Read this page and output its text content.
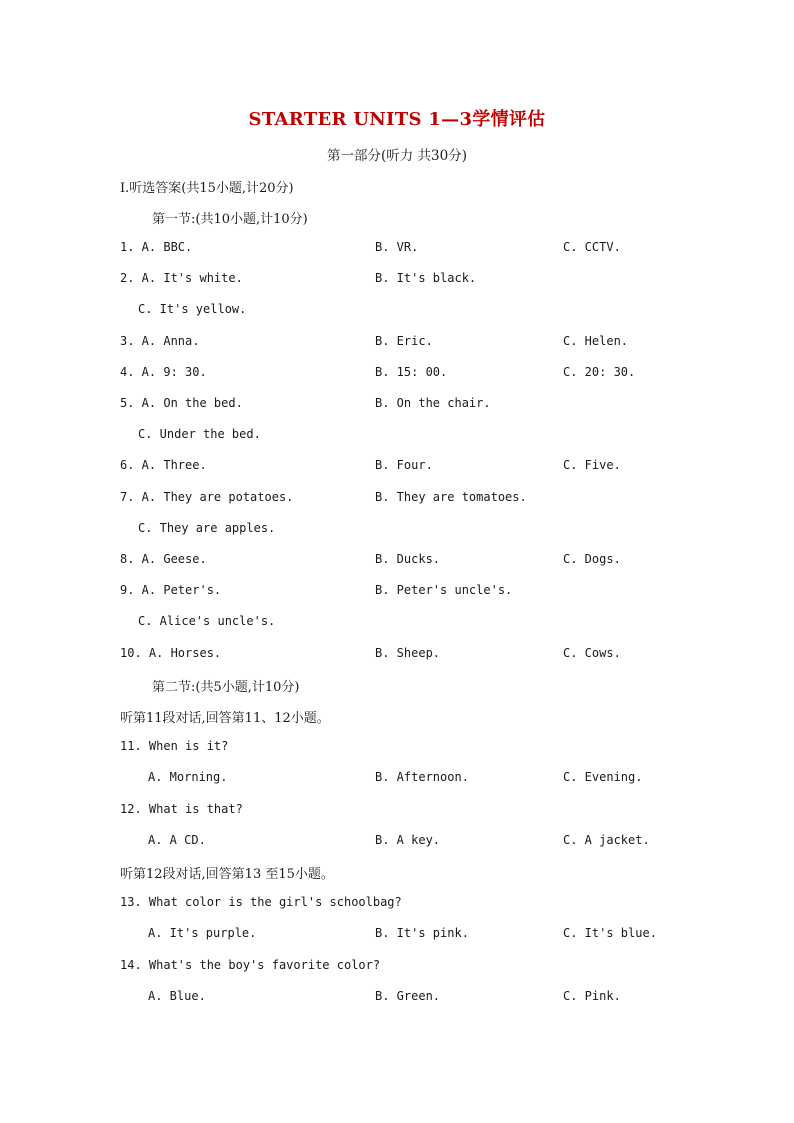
STARTER UNITS 1—3学情评估
第一部分(听力 共30分)
Ⅰ.听选答案(共15小题,计20分)
第一节:(共10小题,计10分)
1. A. BBC.	B. VR.	C. CCTV.
2. A. It's white.	B. It's black.
C. It's yellow.
3. A. Anna.	B. Eric.	C. Helen.
4. A. 9: 30.	B. 15: 00.	C. 20: 30.
5. A. On the bed.	B. On the chair.
C. Under the bed.
6. A. Three.	B. Four.	C. Five.
7. A. They are potatoes.	B. They are tomatoes.
C. They are apples.
8. A. Geese.	B. Ducks.	C. Dogs.
9. A. Peter's.	B. Peter's uncle's.
C. Alice's uncle's.
10. A. Horses.	B. Sheep.	C. Cows.
第二节:(共5小题,计10分)
听第11段对话,回答第11、12小题。
11. When is it?
A. Morning.	B. Afternoon.	C. Evening.
12. What is that?
A. A CD.	B. A key.	C. A jacket.
听第12段对话,回答第13 至15小题。
13. What color is the girl's schoolbag?
A. It's purple.	B. It's pink.	C. It's blue.
14. What's the boy's favorite color?
A. Blue.	B. Green.	C. Pink.
